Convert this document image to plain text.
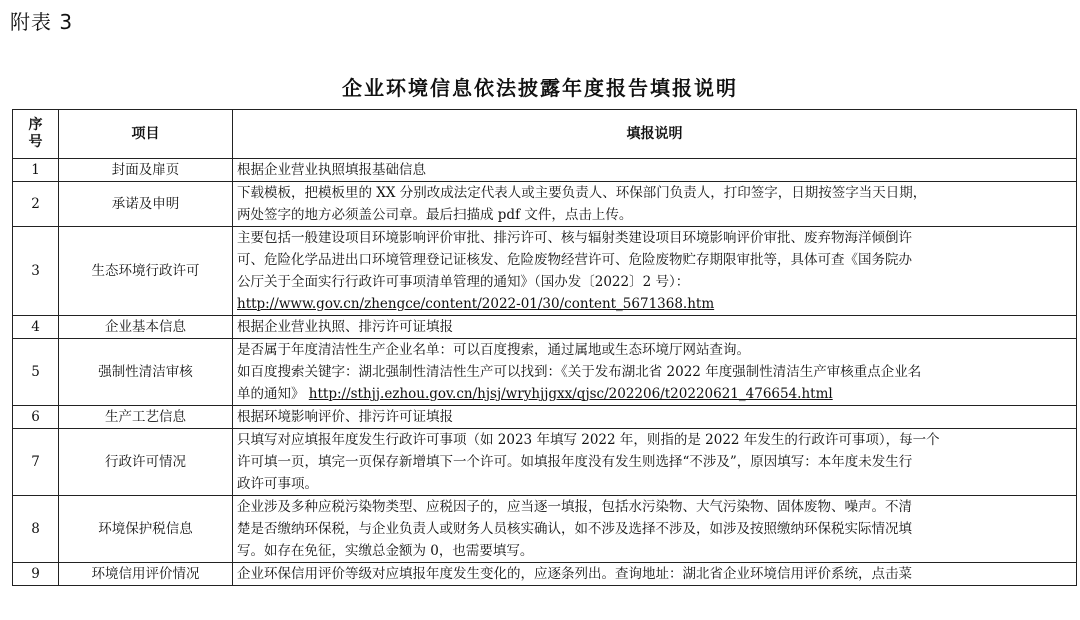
附表 3
企业环境信息依法披露年度报告填报说明
序
号	项目	填报说明
1	封面及扉页	根据企业营业执照填报基础信息
2	承诺及申明	下载模板，把模板里的 XX 分别改成法定代表人或主要负责人、环保部门负责人，打印签字，日期按签字当天日期，
两处签字的地方必须盖公司章。最后扫描成 pdf 文件，点击上传。
3	生态环境行政许可	主要包括一般建设项目环境影响评价审批、排污许可、核与辐射类建设项目环境影响评价审批、废弃物海洋倾倒许
可、危险化学品进出口环境管理登记证核发、危险废物经营许可、危险废物贮存期限审批等，具体可查《国务院办
公厅关于全面实行行政许可事项清单管理的通知》（国办发〔2022〕2 号）：
http://www.gov.cn/zhengce/content/2022-01/30/content_5671368.htm
4	企业基本信息	根据企业营业执照、排污许可证填报
5	强制性清洁审核	是否属于年度清洁性生产企业名单：可以百度搜索，通过属地或生态环境厅网站查询。
如百度搜索关键字：湖北强制性清洁性生产可以找到：《关于发布湖北省 2022 年度强制性清洁生产审核重点企业名
单的通知》 http://sthjj.ezhou.gov.cn/hjsj/wryhjjgxx/qjsc/202206/t20220621_476654.html
6	生产工艺信息	根据环境影响评价、排污许可证填报
7	行政许可情况	只填写对应填报年度发生行政许可事项（如 2023 年填写 2022 年，则指的是 2022 年发生的行政许可事项），每一个
许可填一页，填完一页保存新增填下一个许可。如填报年度没有发生则选择“不涉及”，原因填写：本年度未发生行
政许可事项。
8	环境保护税信息	企业涉及多种应税污染物类型、应税因子的，应当逐一填报，包括水污染物、大气污染物、固体废物、噪声。不清
楚是否缴纳环保税，与企业负责人或财务人员核实确认，如不涉及选择不涉及，如涉及按照缴纳环保税实际情况填
写。如存在免征，实缴总金额为 0，也需要填写。
9	环境信用评价情况	企业环保信用评价等级对应填报年度发生变化的，应逐条列出。查询地址：湖北省企业环境信用评价系统，点击菜
